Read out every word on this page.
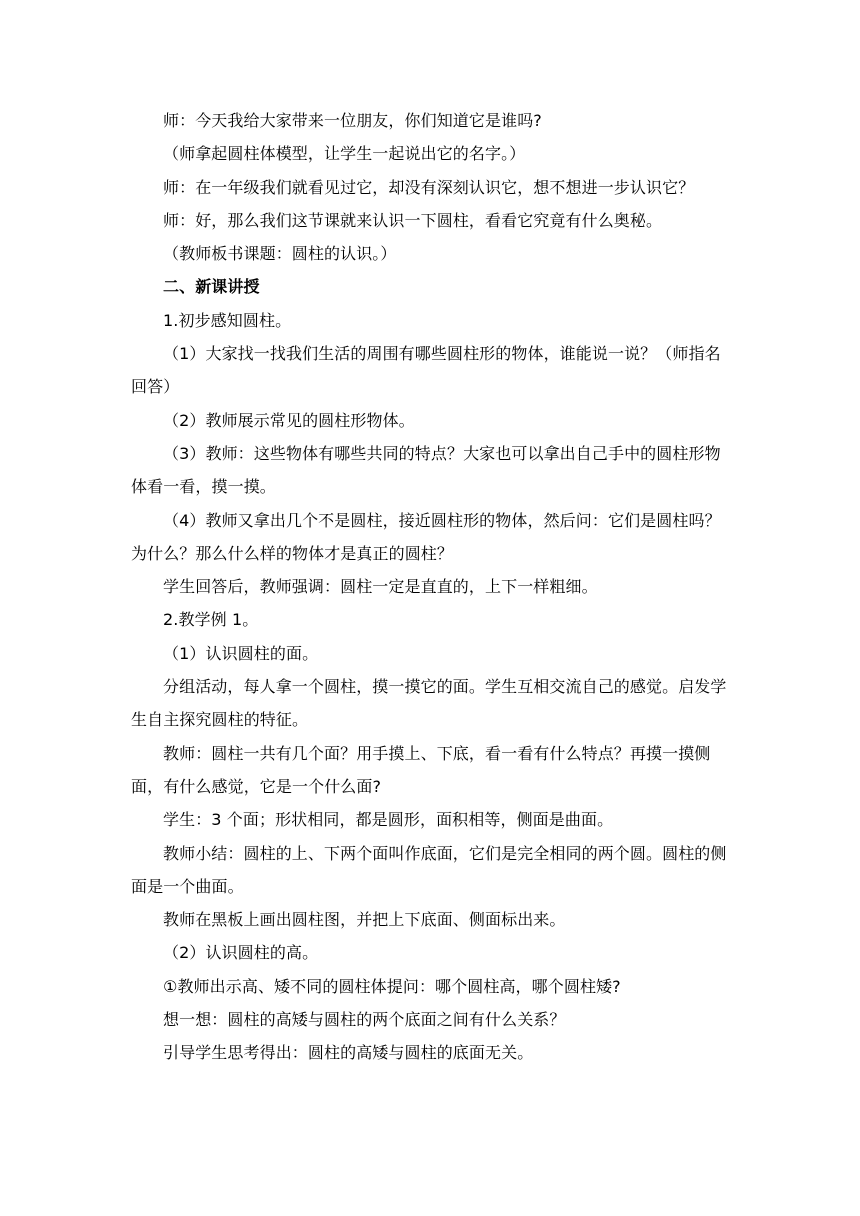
师：今天我给大家带来一位朋友，你们知道它是谁吗?

（师拿起圆柱体模型，让学生一起说出它的名字。）

师：在一年级我们就看见过它，却没有深刻认识它，想不想进一步认识它？

师：好，那么我们这节课就来认识一下圆柱，看看它究竟有什么奥秘。

（教师板书课题：圆柱的认识。）

二、新课讲授

1.初步感知圆柱。

（1）大家找一找我们生活的周围有哪些圆柱形的物体，谁能说一说？（师指名回答）

（2）教师展示常见的圆柱形物体。

（3）教师：这些物体有哪些共同的特点？大家也可以拿出自己手中的圆柱形物体看一看，摸一摸。

（4）教师又拿出几个不是圆柱，接近圆柱形的物体，然后问：它们是圆柱吗？为什么？那么什么样的物体才是真正的圆柱？

学生回答后，教师强调：圆柱一定是直直的，上下一样粗细。

2.教学例 1。

（1）认识圆柱的面。

分组活动，每人拿一个圆柱，摸一摸它的面。学生互相交流自己的感觉。启发学生自主探究圆柱的特征。

教师：圆柱一共有几个面？用手摸上、下底，看一看有什么特点？再摸一摸侧面，有什么感觉，它是一个什么面?

学生：3 个面；形状相同，都是圆形，面积相等，侧面是曲面。

教师小结：圆柱的上、下两个面叫作底面，它们是完全相同的两个圆。圆柱的侧面是一个曲面。

教师在黑板上画出圆柱图，并把上下底面、侧面标出来。

（2）认识圆柱的高。

①教师出示高、矮不同的圆柱体提问：哪个圆柱高，哪个圆柱矮?

想一想：圆柱的高矮与圆柱的两个底面之间有什么关系？

引导学生思考得出：圆柱的高矮与圆柱的底面无关。
